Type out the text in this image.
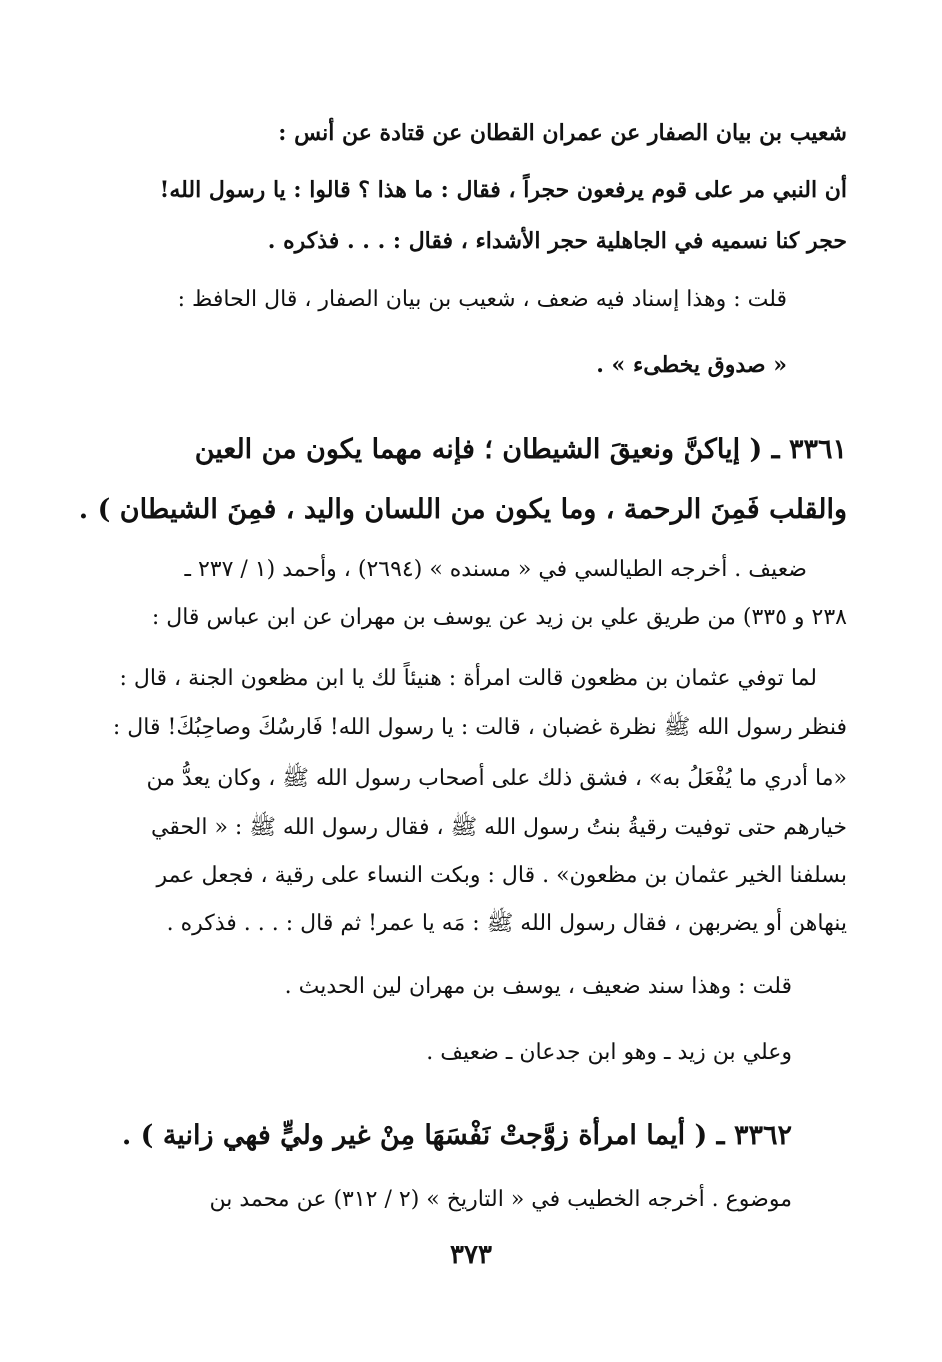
شعيب بن بيان الصفار عن عمران القطان عن قتادة عن أنس :
أن النبي مر على قوم يرفعون حجراً ، فقال : ما هذا ؟ قالوا : يا رسول الله!
حجر كنا نسميه في الجاهلية حجر الأشداء ، فقال : . . . فذكره .
قلت : وهذا إسناد فيه ضعف ، شعيب بن بيان الصفار ، قال الحافظ :
« صدوق يخطىء » .
٣٣٦١ ـ ( إياكنَّ ونعيقَ الشيطان ؛ فإنه مهما يكون من العين
والقلب فَمِنَ الرحمة ، وما يكون من اللسان واليد ، فمِنَ الشيطان ) .
ضعيف . أخرجه الطيالسي في « مسنده » (٢٦٩٤) ، وأحمد (١ / ٢٣٧ ـ
٢٣٨ و ٣٣٥) من طريق علي بن زيد عن يوسف بن مهران عن ابن عباس قال :
لما توفي عثمان بن مظعون قالت امرأة : هنيئاً لك يا ابن مظعون الجنة ، قال :
فنظر رسول الله ﷺ نظرة غضبان ، قالت : يا رسول الله! فَارسُكَ وصاحِبُكَ! قال :
«ما أدري ما يُفْعَلُ به» ، فشق ذلك على أصحاب رسول الله ﷺ ، وكان يعدُّ من
خيارهم حتى توفيت رقيةُ بنتُ رسول الله ﷺ ، فقال رسول الله ﷺ : « الحقي
بسلفنا الخير عثمان بن مظعون» . قال : وبكت النساء على رقية ، فجعل عمر
ينهاهن أو يضربهن ، فقال رسول الله ﷺ : مَه يا عمر! ثم قال : . . . فذكره .
قلت : وهذا سند ضعيف ، يوسف بن مهران لين الحديث .
وعلي بن زيد ـ وهو ابن جدعان ـ ضعيف .
٣٣٦٢ ـ ( أيما امرأة زوَّجتْ نَفْسَهَا مِنْ غير وليٍّ فهي زانية ) .
موضوع . أخرجه الخطيب في « التاريخ » (٢ / ٣١٢) عن محمد بن
٣٧٣
